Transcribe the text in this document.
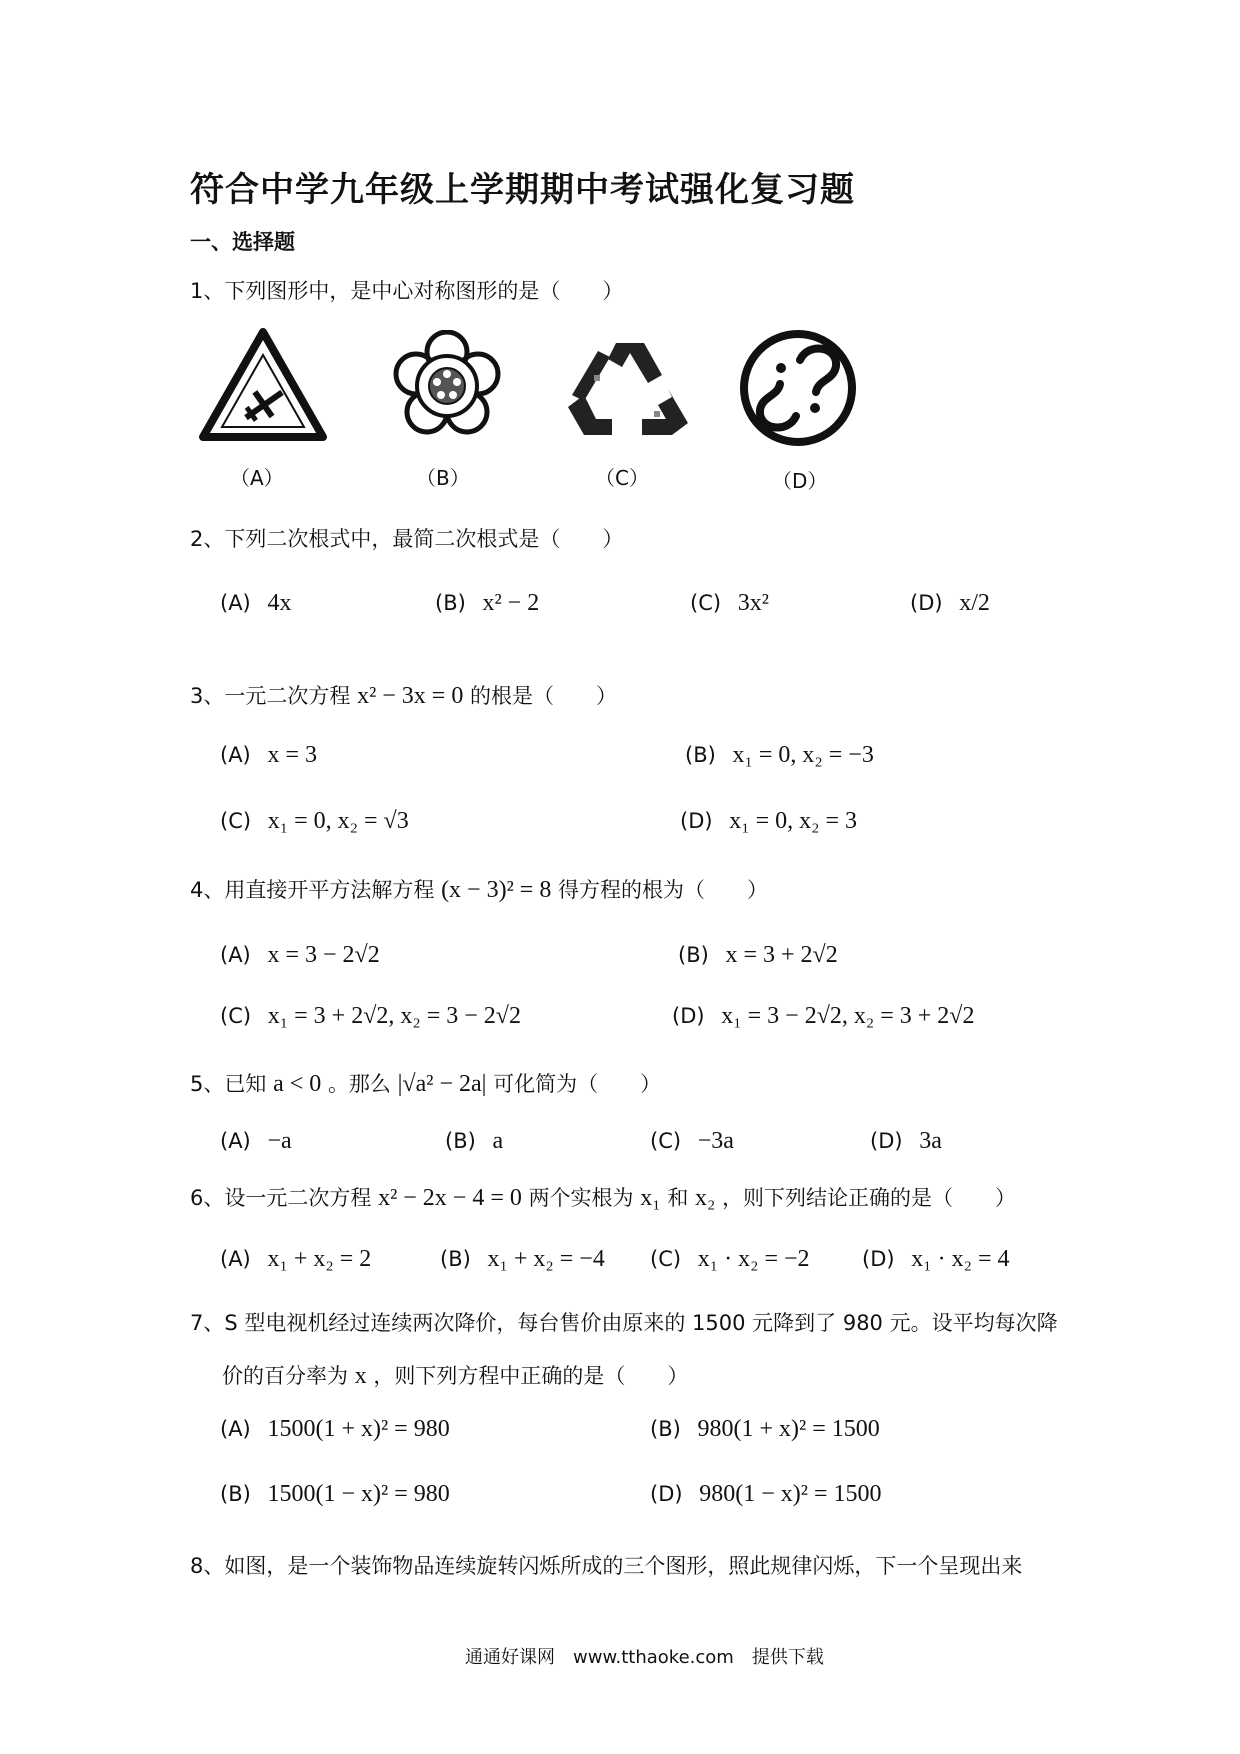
符合中学九年级上学期期中考试强化复习题
一、选择题
1、下列图形中，是中心对称图形的是（　　）
（A）	（B）	（C）	（D）
2、下列二次根式中，最简二次根式是（　　）
(A) 4x	(B) x² − 2	(C) 3x²	(D) x/2
3、一元二次方程 x² − 3x = 0 的根是（　　）
(A) x = 3	(B) x₁ = 0, x₂ = −3
(C) x₁ = 0, x₂ = √3	(D) x₁ = 0, x₂ = 3
4、用直接开平方法解方程 (x − 3)² = 8 得方程的根为（　　）
(A) x = 3 − 2√2	(B) x = 3 + 2√2
(C) x₁ = 3 + 2√2, x₂ = 3 − 2√2	(D) x₁ = 3 − 2√2, x₂ = 3 + 2√2
5、已知 a < 0 。那么 |√a² − 2a| 可化简为（　　）
(A) −a	(B) a	(C) −3a	(D) 3a
6、设一元二次方程 x² − 2x − 4 = 0 两个实根为 x₁ 和 x₂ ，则下列结论正确的是（　　）
(A) x₁ + x₂ = 2	(B) x₁ + x₂ = −4 (C) x₁ · x₂ = −2 (D) x₁ · x₂ = 4
7、S 型电视机经过连续两次降价，每台售价由原来的 1500 元降到了 980 元。设平均每次降
价的百分率为 x ，则下列方程中正确的是（　　）
(A) 1500(1 + x)² = 980	(B) 980(1 + x)² = 1500
(B) 1500(1 − x)² = 980	(D) 980(1 − x)² = 1500
8、如图，是一个装饰物品连续旋转闪烁所成的三个图形，照此规律闪烁，下一个呈现出来
通通好课网　www.tthaoke.com　提供下载
